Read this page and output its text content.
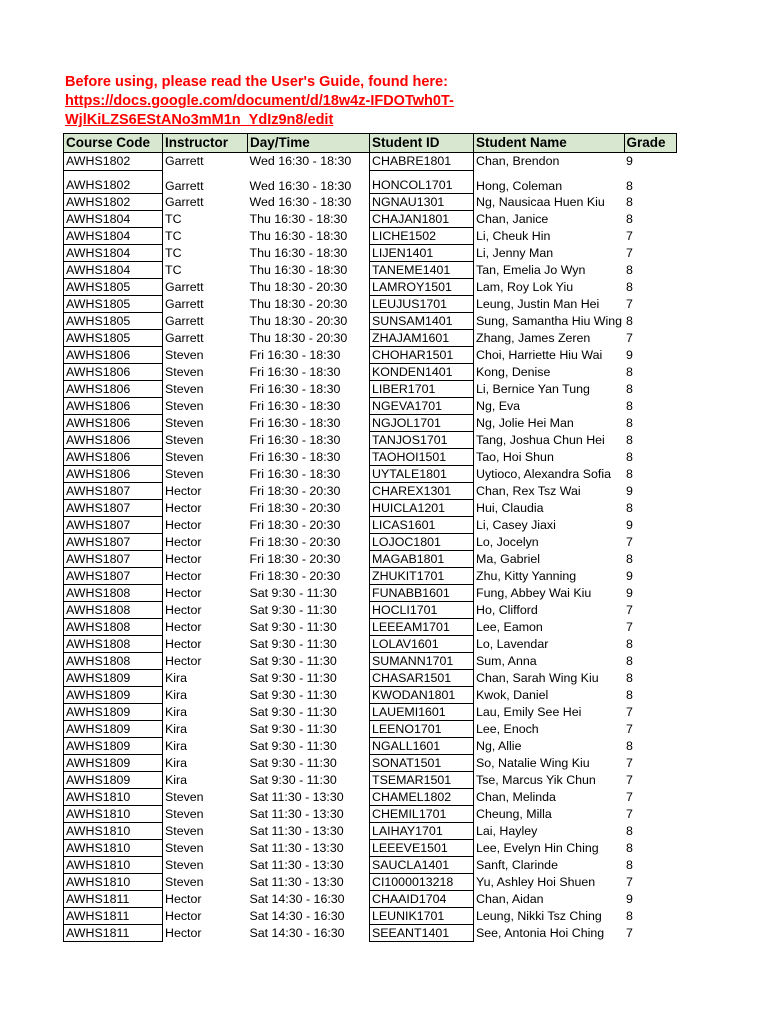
Before using, please read the User's Guide, found here:
https://docs.google.com/document/d/18w4z-IFDOTwh0T-
WjlKiLZS6EStANo3mM1n_YdIz9n8/edit
Course Code	Instructor	Day/Time	Student ID	Student Name	Grade
AWHS1802	Garrett	Wed 16:30 - 18:30	CHABRE1801	Chan, Brendon	9
AWHS1802	Garrett	Wed 16:30 - 18:30	HONCOL1701	Hong, Coleman	8
AWHS1802	Garrett	Wed 16:30 - 18:30	NGNAU1301	Ng, Nausicaa Huen Kiu	8
AWHS1804	TC	Thu 16:30 - 18:30	CHAJAN1801	Chan, Janice	8
AWHS1804	TC	Thu 16:30 - 18:30	LICHE1502	Li, Cheuk Hin	7
AWHS1804	TC	Thu 16:30 - 18:30	LIJEN1401	Li, Jenny Man	7
AWHS1804	TC	Thu 16:30 - 18:30	TANEME1401	Tan, Emelia Jo Wyn	8
AWHS1805	Garrett	Thu 18:30 - 20:30	LAMROY1501	Lam, Roy Lok Yiu	8
AWHS1805	Garrett	Thu 18:30 - 20:30	LEUJUS1701	Leung, Justin Man Hei	7
AWHS1805	Garrett	Thu 18:30 - 20:30	SUNSAM1401	Sung, Samantha Hiu Wing	8
AWHS1805	Garrett	Thu 18:30 - 20:30	ZHAJAM1601	Zhang, James Zeren	7
AWHS1806	Steven	Fri 16:30 - 18:30	CHOHAR1501	Choi, Harriette Hiu Wai	9
AWHS1806	Steven	Fri 16:30 - 18:30	KONDEN1401	Kong, Denise	8
AWHS1806	Steven	Fri 16:30 - 18:30	LIBER1701	Li, Bernice Yan Tung	8
AWHS1806	Steven	Fri 16:30 - 18:30	NGEVA1701	Ng, Eva	8
AWHS1806	Steven	Fri 16:30 - 18:30	NGJOL1701	Ng, Jolie Hei Man	8
AWHS1806	Steven	Fri 16:30 - 18:30	TANJOS1701	Tang, Joshua Chun Hei	8
AWHS1806	Steven	Fri 16:30 - 18:30	TAOHOI1501	Tao, Hoi Shun	8
AWHS1806	Steven	Fri 16:30 - 18:30	UYTALE1801	Uytioco, Alexandra Sofia	8
AWHS1807	Hector	Fri 18:30 - 20:30	CHAREX1301	Chan, Rex Tsz Wai	9
AWHS1807	Hector	Fri 18:30 - 20:30	HUICLA1201	Hui, Claudia	8
AWHS1807	Hector	Fri 18:30 - 20:30	LICAS1601	Li, Casey Jiaxi	9
AWHS1807	Hector	Fri 18:30 - 20:30	LOJOC1801	Lo, Jocelyn	7
AWHS1807	Hector	Fri 18:30 - 20:30	MAGAB1801	Ma, Gabriel	8
AWHS1807	Hector	Fri 18:30 - 20:30	ZHUKIT1701	Zhu, Kitty Yanning	9
AWHS1808	Hector	Sat 9:30 - 11:30	FUNABB1601	Fung, Abbey Wai Kiu	9
AWHS1808	Hector	Sat 9:30 - 11:30	HOCLI1701	Ho, Clifford	7
AWHS1808	Hector	Sat 9:30 - 11:30	LEEEAM1701	Lee, Eamon	7
AWHS1808	Hector	Sat 9:30 - 11:30	LOLAV1601	Lo, Lavendar	8
AWHS1808	Hector	Sat 9:30 - 11:30	SUMANN1701	Sum, Anna	8
AWHS1809	Kira	Sat 9:30 - 11:30	CHASAR1501	Chan, Sarah Wing Kiu	8
AWHS1809	Kira	Sat 9:30 - 11:30	KWODAN1801	Kwok, Daniel	8
AWHS1809	Kira	Sat 9:30 - 11:30	LAUEMI1601	Lau, Emily See Hei	7
AWHS1809	Kira	Sat 9:30 - 11:30	LEENO1701	Lee, Enoch	7
AWHS1809	Kira	Sat 9:30 - 11:30	NGALL1601	Ng, Allie	8
AWHS1809	Kira	Sat 9:30 - 11:30	SONAT1501	So, Natalie Wing Kiu	7
AWHS1809	Kira	Sat 9:30 - 11:30	TSEMAR1501	Tse, Marcus Yik Chun	7
AWHS1810	Steven	Sat 11:30 - 13:30	CHAMEL1802	Chan, Melinda	7
AWHS1810	Steven	Sat 11:30 - 13:30	CHEMIL1701	Cheung, Milla	7
AWHS1810	Steven	Sat 11:30 - 13:30	LAIHAY1701	Lai, Hayley	8
AWHS1810	Steven	Sat 11:30 - 13:30	LEEEVE1501	Lee, Evelyn Hin Ching	8
AWHS1810	Steven	Sat 11:30 - 13:30	SAUCLA1401	Sanft, Clarinde	8
AWHS1810	Steven	Sat 11:30 - 13:30	CI1000013218	Yu, Ashley Hoi Shuen	7
AWHS1811	Hector	Sat 14:30 - 16:30	CHAAID1704	Chan, Aidan	9
AWHS1811	Hector	Sat 14:30 - 16:30	LEUNIK1701	Leung, Nikki Tsz Ching	8
AWHS1811	Hector	Sat 14:30 - 16:30	SEEANT1401	See, Antonia Hoi Ching	7
